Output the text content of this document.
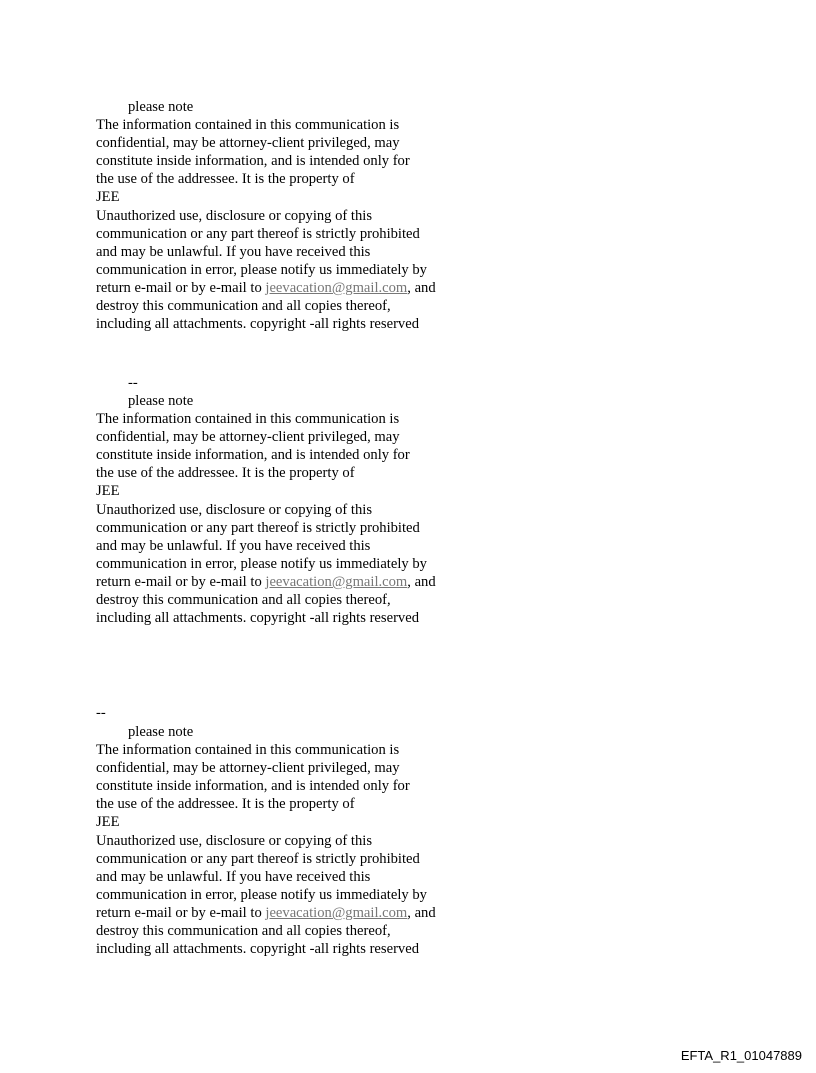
please note
The information contained in this communication is
confidential, may be attorney-client privileged, may
constitute inside information, and is intended only for
the use of the addressee. It is the property of
JEE
Unauthorized use, disclosure or copying of this
communication or any part thereof is strictly prohibited
and may be unlawful. If you have received this
communication in error, please notify us immediately by
return e-mail or by e-mail to jeevacation@gmail.com, and
destroy this communication and all copies thereof,
including all attachments. copyright -all rights reserved
--
please note
The information contained in this communication is
confidential, may be attorney-client privileged, may
constitute inside information, and is intended only for
the use of the addressee. It is the property of
JEE
Unauthorized use, disclosure or copying of this
communication or any part thereof is strictly prohibited
and may be unlawful. If you have received this
communication in error, please notify us immediately by
return e-mail or by e-mail to jeevacation@gmail.com, and
destroy this communication and all copies thereof,
including all attachments. copyright -all rights reserved
--
please note
The information contained in this communication is
confidential, may be attorney-client privileged, may
constitute inside information, and is intended only for
the use of the addressee. It is the property of
JEE
Unauthorized use, disclosure or copying of this
communication or any part thereof is strictly prohibited
and may be unlawful. If you have received this
communication in error, please notify us immediately by
return e-mail or by e-mail to jeevacation@gmail.com, and
destroy this communication and all copies thereof,
including all attachments. copyright -all rights reserved
EFTA_R1_01047889
